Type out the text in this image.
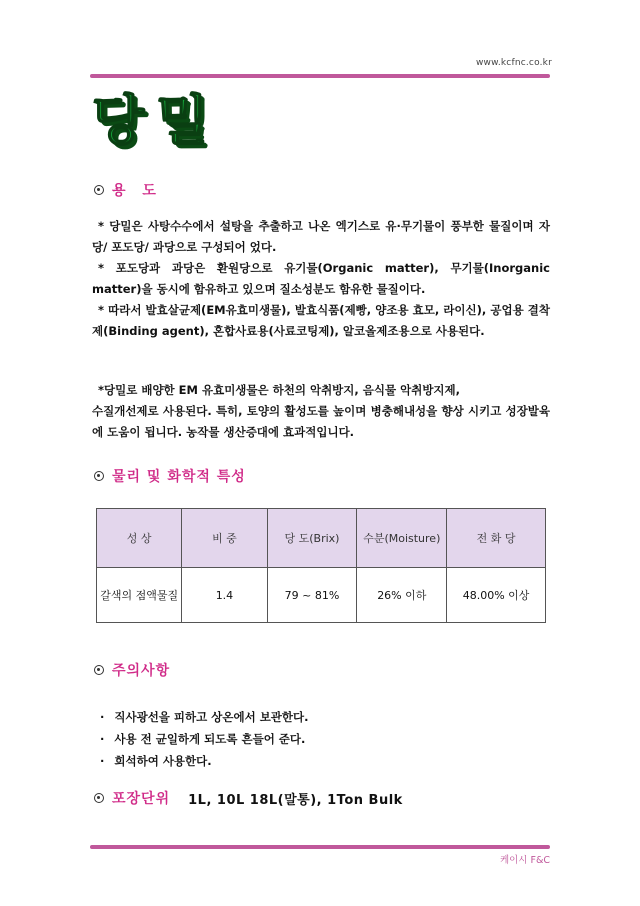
www.kcfnc.co.kr
당밀
용 도

* 당밀은 사탕수수에서 설탕을 추출하고 나온 엑기스로 유·무기물이 풍부한 물질이며 자당/ 포도당/ 과당으로 구성되어 었다.

* 포도당과 과당은 환원당으로 유기물(Organic matter), 무기물(Inorganic matter)을 동시에 함유하고 있으며 질소성분도 함유한 물질이다.

* 따라서 발효살균제(EM유효미생물), 발효식품(제빵, 양조용 효모, 라이신), 공업용 결착제(Binding agent), 혼합사료용(사료코팅제), 알코올제조용으로 사용된다.

*당밀로 배양한 EM 유효미생물은 하천의 악취방지, 음식물 악취방지제,

수질개선제로 사용된다. 특히, 토양의 활성도를 높이며 병충해내성을 향상 시키고 성장발육에 도움이 됩니다. 농작물 생산증대에 효과적입니다.

물리 및 화학적 특성
성 상	비 중	당 도(Brix)	수분(Moisture)	전 화 당
갈색의 점액물질	1.4	79 ~ 81%	26% 이하	48.00% 이상
주의사항
· 직사광선을 피하고 상온에서 보관한다.
· 사용 전 균일하게 되도록 흔들어 준다.
· 희석하여 사용한다.
포장단위 1L, 10L 18L(말통), 1Ton Bulk
케이시 F&C
